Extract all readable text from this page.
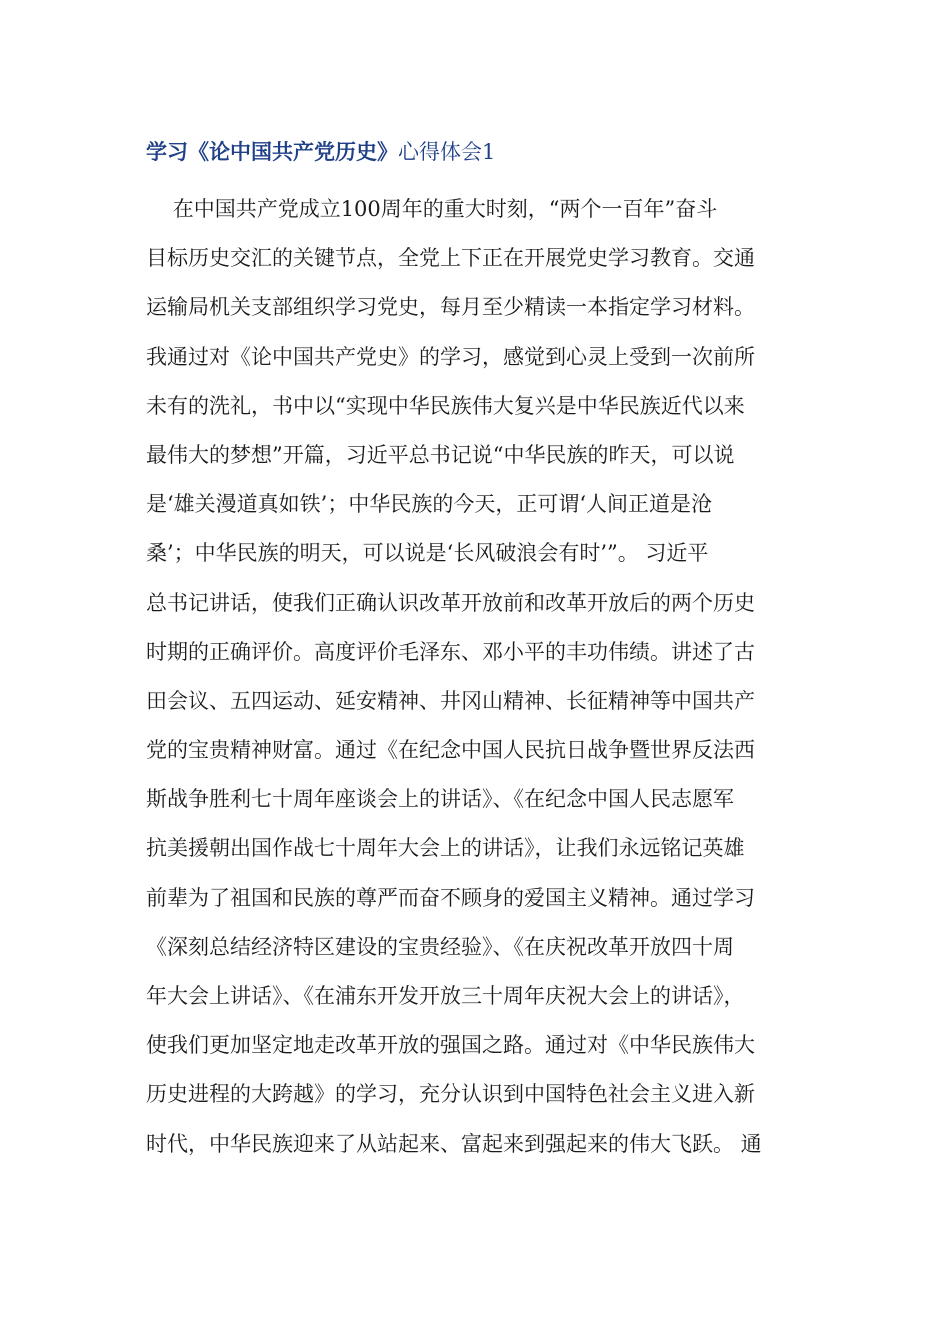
学习《论中国共产党历史》心得体会1
在中国共产党成立100周年的重大时刻，“两个一百年”奋斗
目标历史交汇的关键节点，全党上下正在开展党史学习教育。交通
运输局机关支部组织学习党史，每月至少精读一本指定学习材料。
我通过对《论中国共产党史》的学习，感觉到心灵上受到一次前所
未有的洗礼，书中以“实现中华民族伟大复兴是中华民族近代以来
最伟大的梦想”开篇，习近平总书记说“中华民族的昨天，可以说
是‘雄关漫道真如铁’；中华民族的今天，正可谓‘人间正道是沧
桑’；中华民族的明天，可以说是‘长风破浪会有时’”。 习近平
总书记讲话，使我们正确认识改革开放前和改革开放后的两个历史
时期的正确评价。高度评价毛泽东、邓小平的丰功伟绩。讲述了古
田会议、五四运动、延安精神、井冈山精神、长征精神等中国共产
党的宝贵精神财富。通过《在纪念中国人民抗日战争暨世界反法西
斯战争胜利七十周年座谈会上的讲话》、《在纪念中国人民志愿军
抗美援朝出国作战七十周年大会上的讲话》，让我们永远铭记英雄
前辈为了祖国和民族的尊严而奋不顾身的爱国主义精神。通过学习
《深刻总结经济特区建设的宝贵经验》、《在庆祝改革开放四十周
年大会上讲话》、《在浦东开发开放三十周年庆祝大会上的讲话》，
使我们更加坚定地走改革开放的强国之路。通过对《中华民族伟大
历史进程的大跨越》的学习，充分认识到中国特色社会主义进入新
时代，中华民族迎来了从站起来、富起来到强起来的伟大飞跃。 通
